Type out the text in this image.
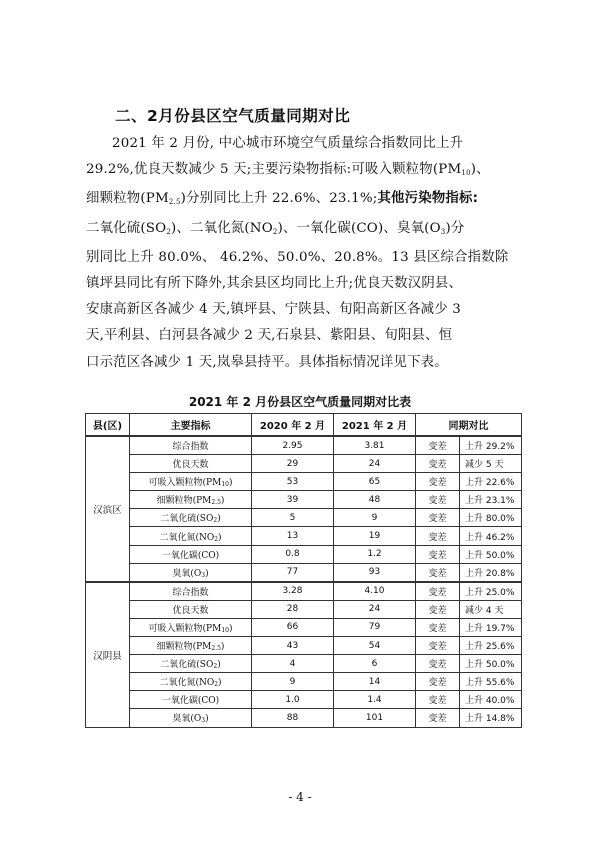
二、2月份县区空气质量同期对比

2021 年 2 月份, 中心城市环境空气质量综合指数同比上升

29.2%,优良天数减少 5 天;主要污染物指标:可吸入颗粒物$(PM_{10})$、

细颗粒物$(PM_{2.5})$分别同比上升 22.6%、23.1%;其他污染物指标:

二氧化硫$(SO_2)$、二氧化氮$(NO_2)$、一氧化碳(CO)、臭氧$(O_3)$分

别同比上升 80.0%、 46.2%、50.0%、20.8%。13 县区综合指数除

镇坪县同比有所下降外,其余县区均同比上升;优良天数汉阴县、

安康高新区各减少 4 天,镇坪县、宁陕县、旬阳高新区各减少 3

天,平利县、白河县各减少 2 天,石泉县、紫阳县、旬阳县、恒

口示范区各减少 1 天,岚皋县持平。具体指标情况详见下表。

2021 年 2 月份县区空气质量同期对比表
县(区)	主要指标	2020 年 2 月	2021 年 2 月	同期对比	
汉滨区	综合指数	2.95	3.81	变差	上升 29.2%
	优良天数	29	24	变差	减少 5 天
	可吸入颗粒物$(PM_{10})$	53	65	变差	上升 22.6%
	细颗粒物$(PM_{2.5})$	39	48	变差	上升 23.1%
	二氧化硫$(SO_2)$	5	9	变差	上升 80.0%
	二氧化氮$(NO_2)$	13	19	变差	上升 46.2%
	一氧化碳(CO)	0.8	1.2	变差	上升 50.0%
	臭氧$(O_3)$	77	93	变差	上升 20.8%
汉阴县	综合指数	3.28	4.10	变差	上升 25.0%
	优良天数	28	24	变差	减少 4 天
	可吸入颗粒物$(PM_{10})$	66	79	变差	上升 19.7%
	细颗粒物$(PM_{2.5})$	43	54	变差	上升 25.6%
	二氧化硫$(SO_2)$	4	6	变差	上升 50.0%
	二氧化氮$(NO_2)$	9	14	变差	上升 55.6%
	一氧化碳(CO)	1.0	1.4	变差	上升 40.0%
	臭氧$(O_3)$	88	101	变差	上升 14.8%
- 4 -
